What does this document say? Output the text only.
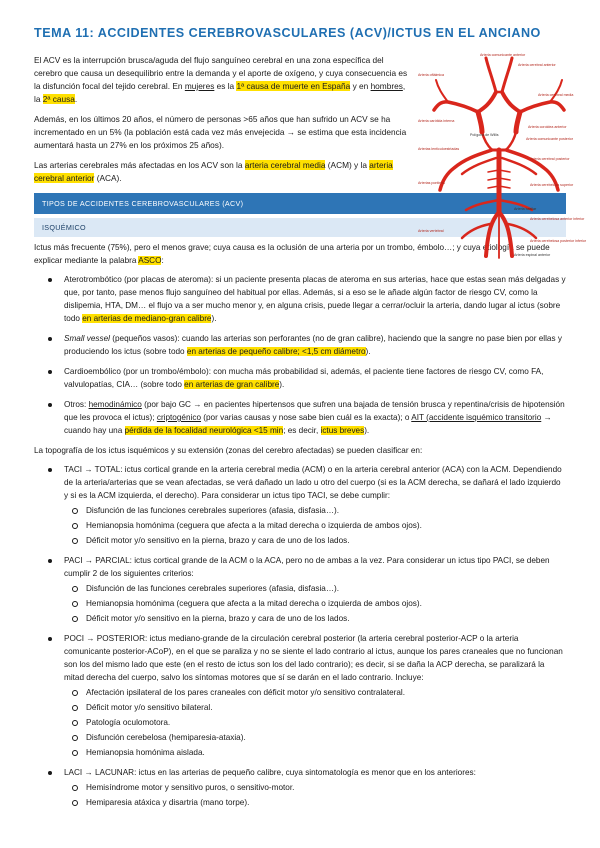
TEMA 11: ACCIDENTES CEREBROVASCULARES (ACV)/ICTUS EN EL ANCIANO

El ACV es la interrupción brusca/aguda del flujo sanguíneo cerebral en una zona específica del cerebro que causa un desequilibrio entre la demanda y el aporte de oxígeno, y cuya consecuencia es la disfunción focal del tejido cerebral. En mujeres es la 1ª causa de muerte en España y en hombres, la 2ª causa.

Además, en los últimos 20 años, el número de personas >65 años que han sufrido un ACV se ha incrementado en un 5% (la población está cada vez más envejecida → se estima que esta incidencia aumentará hasta un 27% en los próximos 25 años).

Las arterias cerebrales más afectadas en los ACV son la arteria cerebral media (ACM) y la arteria cerebral anterior (ACA).

Arteria comunicante anterior
Arteria cerebral anterior
Arteria oftálmica
Arteria cerebral media
Arteria carótida interna
Arteria coroidea anterior
Arteria comunicante posterior
Polígono de Willis
Arterias lenticuloestriadas
Arteria cerebral posterior
Arterias pontinas	Arteria cerebelosa superior
Arteria basilar
Arteria cerebelosa anterior inferior
Arteria cerebelosa posterior inferior
Arteria vertebral
Arteria espinal anterior
TIPOS DE ACCIDENTES CEREBROVASCULARES (ACV)
ISQUÉMICO

Ictus más frecuente (75%), pero el menos grave; cuya causa es la oclusión de una arteria por un trombo, émbolo…; y cuya etiología se puede explicar mediante la palabra ASCO:

Aterotrombótico (por placas de ateroma): si un paciente presenta placas de ateroma en sus arterias, hace que estas sean más delgadas y que, por tanto, pase menos flujo sanguíneo del habitual por ellas. Además, si a eso se le añade algún factor de riesgo CV, como la dislipemia, HTA, DM… el flujo va a ser mucho menor y, en alguna crisis, puede llegar a cerrar/ocluir la arteria, dando lugar al ictus (sobre todo en arterias de mediano-gran calibre).
Small vessel (pequeños vasos): cuando las arterias son perforantes (no de gran calibre), haciendo que la sangre no pase bien por ellas y produciendo los ictus (sobre todo en arterias de pequeño calibre; <1,5 cm diámetro).
Cardioembólico (por un trombo/émbolo): con mucha más probabilidad si, además, el paciente tiene factores de riesgo CV, como FA, valvulopatías, CIA… (sobre todo en arterias de gran calibre).
Otros: hemodinámico (por bajo GC → en pacientes hipertensos que sufren una bajada de tensión brusca y repentina/crisis de hipotensión que les provoca el ictus); criptogénico (por varias causas y nose sabe bien cuál es la exacta); o AIT (accidente isquémico transitorio → cuando hay una pérdida de la focalidad neurológica <15 min; es decir, ictus breves).

La topografía de los ictus isquémicos y su extensión (zonas del cerebro afectadas) se pueden clasificar en:

TACI → TOTAL: ictus cortical grande en la arteria cerebral media (ACM) o en la arteria cerebral anterior (ACA) con la ACM. Dependiendo de la arteria/arterias que se vean afectadas, se verá dañado un lado u otro del cuerpo (si es la ACM derecha, se dañará el lado izquierdo y si es la ACM izquierda, el derecho). Para considerar un ictus tipo TACI, se debe cumplir:
Disfunción de las funciones cerebrales superiores (afasia, disfasia…).
Hemianopsia homónima (ceguera que afecta a la mitad derecha o izquierda de ambos ojos).
Déficit motor y/o sensitivo en la pierna, brazo y cara de uno de los lados.
PACI → PARCIAL: ictus cortical grande de la ACM o la ACA, pero no de ambas a la vez. Para considerar un ictus tipo PACI, se deben cumplir 2 de los siguientes criterios:
Disfunción de las funciones cerebrales superiores (afasia, disfasia…).
Hemianopsia homónima (ceguera que afecta a la mitad derecha o izquierda de ambos ojos).
Déficit motor y/o sensitivo en la pierna, brazo y cara de uno de los lados.
POCI → POSTERIOR: ictus mediano-grande de la circulación cerebral posterior (la arteria cerebral posterior-ACP o la arteria comunicante posterior-ACoP), en el que se paraliza y no se siente el lado contrario al ictus, aunque los pares craneales que no funcionan son los del mismo lado que este (en el resto de ictus son los del lado contrario); es decir, si se daña la ACP derecha, se paralizará la mitad derecha del cuerpo, salvo los síntomas motores que sí se darán en el lado contrario. Incluye:
Afectación ipsilateral de los pares craneales con déficit motor y/o sensitivo contralateral.
Déficit motor y/o sensitivo bilateral.
Patología oculomotora.
Disfunción cerebelosa (hemiparesia-ataxia).
Hemianopsia homónima aislada.
LACI → LACUNAR: ictus en las arterias de pequeño calibre, cuya sintomatología es menor que en los anteriores:
Hemisíndrome motor y sensitivo puros, o sensitivo-motor.
Hemiparesia atáxica y disartria (mano torpe).
